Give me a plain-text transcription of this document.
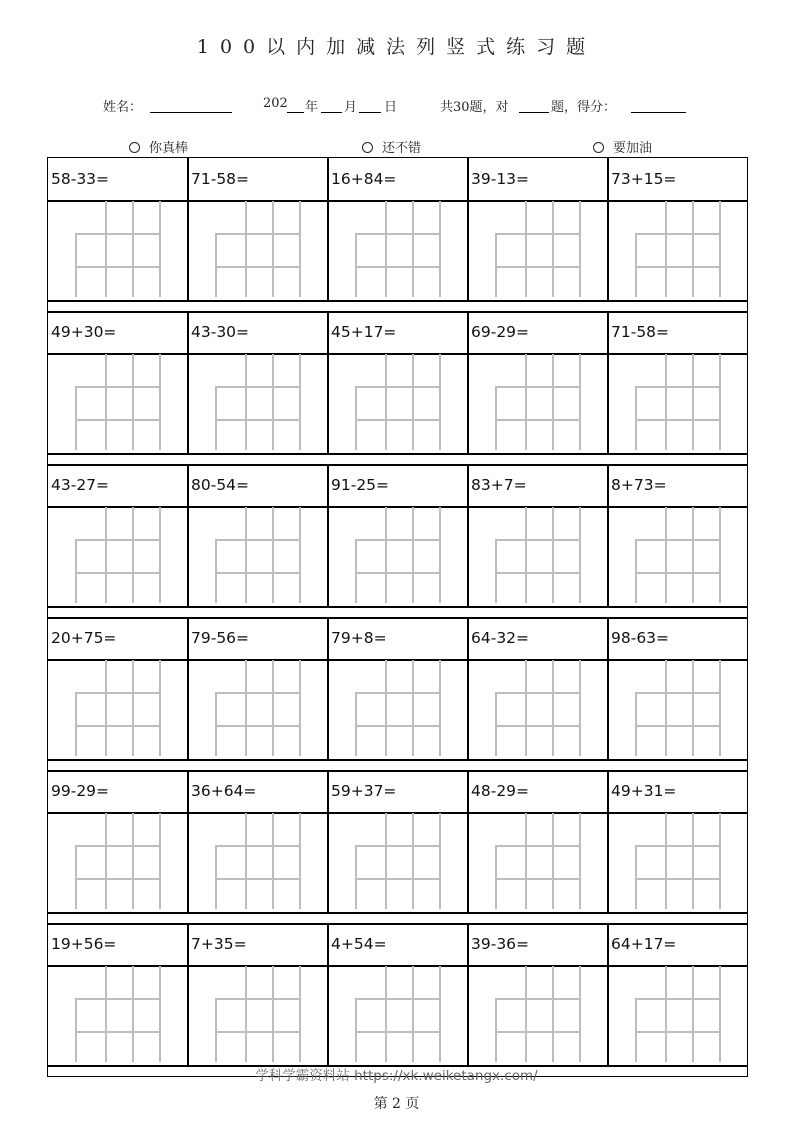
100以内加减法列竖式练习题
姓名：	202 年 月 日	共30题，对	题，得分：
你真棒	还不错	要加油
58-33=	71-58=	16+84=	39-13=	73+15=
49+30=	43-30=	45+17=	69-29=	71-58=
43-27=	80-54=	91-25=	83+7=	8+73=
20+75=	79-56=	79+8=	64-32=	98-63=
99-29=	36+64=	59+37=	48-29=	49+31=
19+56=	7+35=	4+54=	39-36=	64+17=
学科学霸资料站 https://xk.weiketangx.com/
第 2 页
